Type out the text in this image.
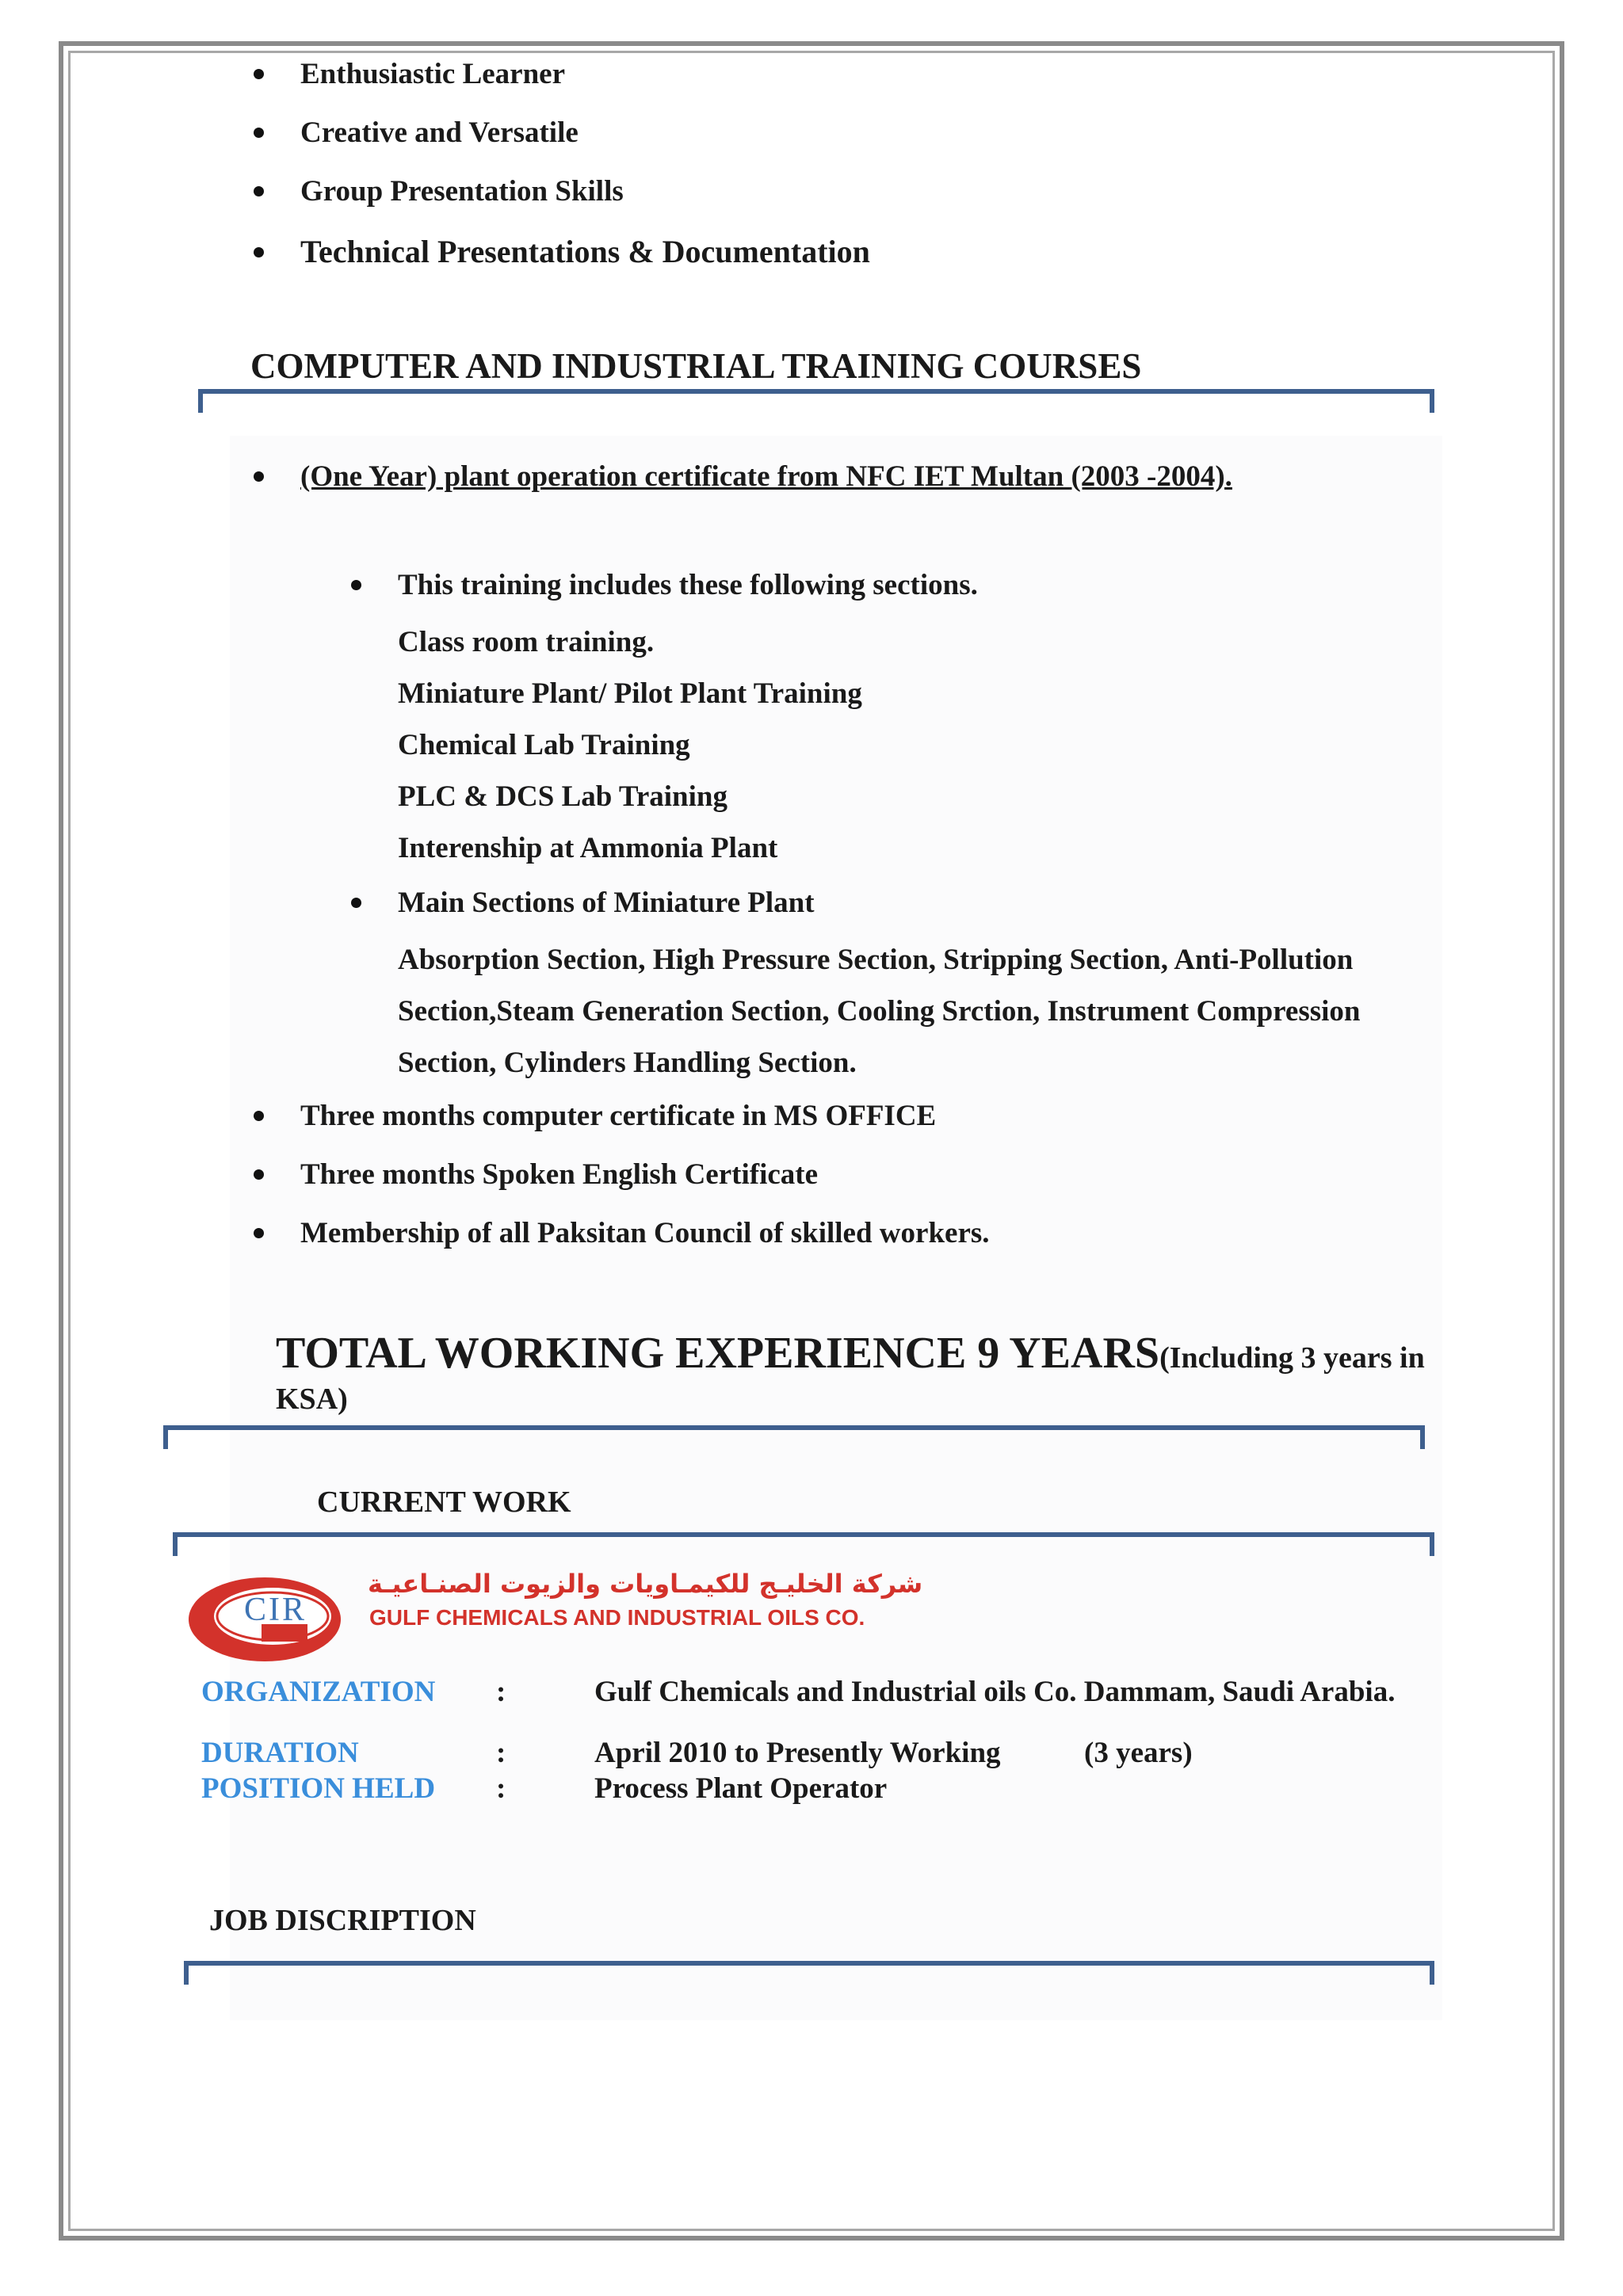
Enthusiastic Learner
Creative and Versatile
Group Presentation Skills
Technical Presentations & Documentation
COMPUTER AND INDUSTRIAL TRAINING COURSES
(One Year) plant operation certificate from NFC IET Multan (2003 -2004).
This training includes these following sections.
Class room training.
Miniature Plant/ Pilot Plant Training
Chemical Lab Training
PLC & DCS Lab Training
Interenship at Ammonia Plant
Main Sections of Miniature Plant
Absorption Section, High Pressure Section, Stripping Section, Anti-Pollution
Section,Steam Generation Section, Cooling Srction, Instrument Compression
Section, Cylinders Handling Section.
Three months computer certificate in MS OFFICE
Three months Spoken English Certificate
Membership of all Paksitan Council of skilled workers.
TOTAL WORKING EXPERIENCE 9 YEARS(Including 3 years in
KSA)
CURRENT WORK
CIR
شركة الخليـج للكيمـاويات والزيوت الصنـاعيـة
GULF CHEMICALS AND INDUSTRIAL OILS CO.
ORGANIZATION :	Gulf Chemicals and Industrial oils Co. Dammam, Saudi Arabia.
DURATION	:	April 2010 to Presently Working	(3 years)
POSITION HELD :	Process Plant Operator
JOB DISCRIPTION
